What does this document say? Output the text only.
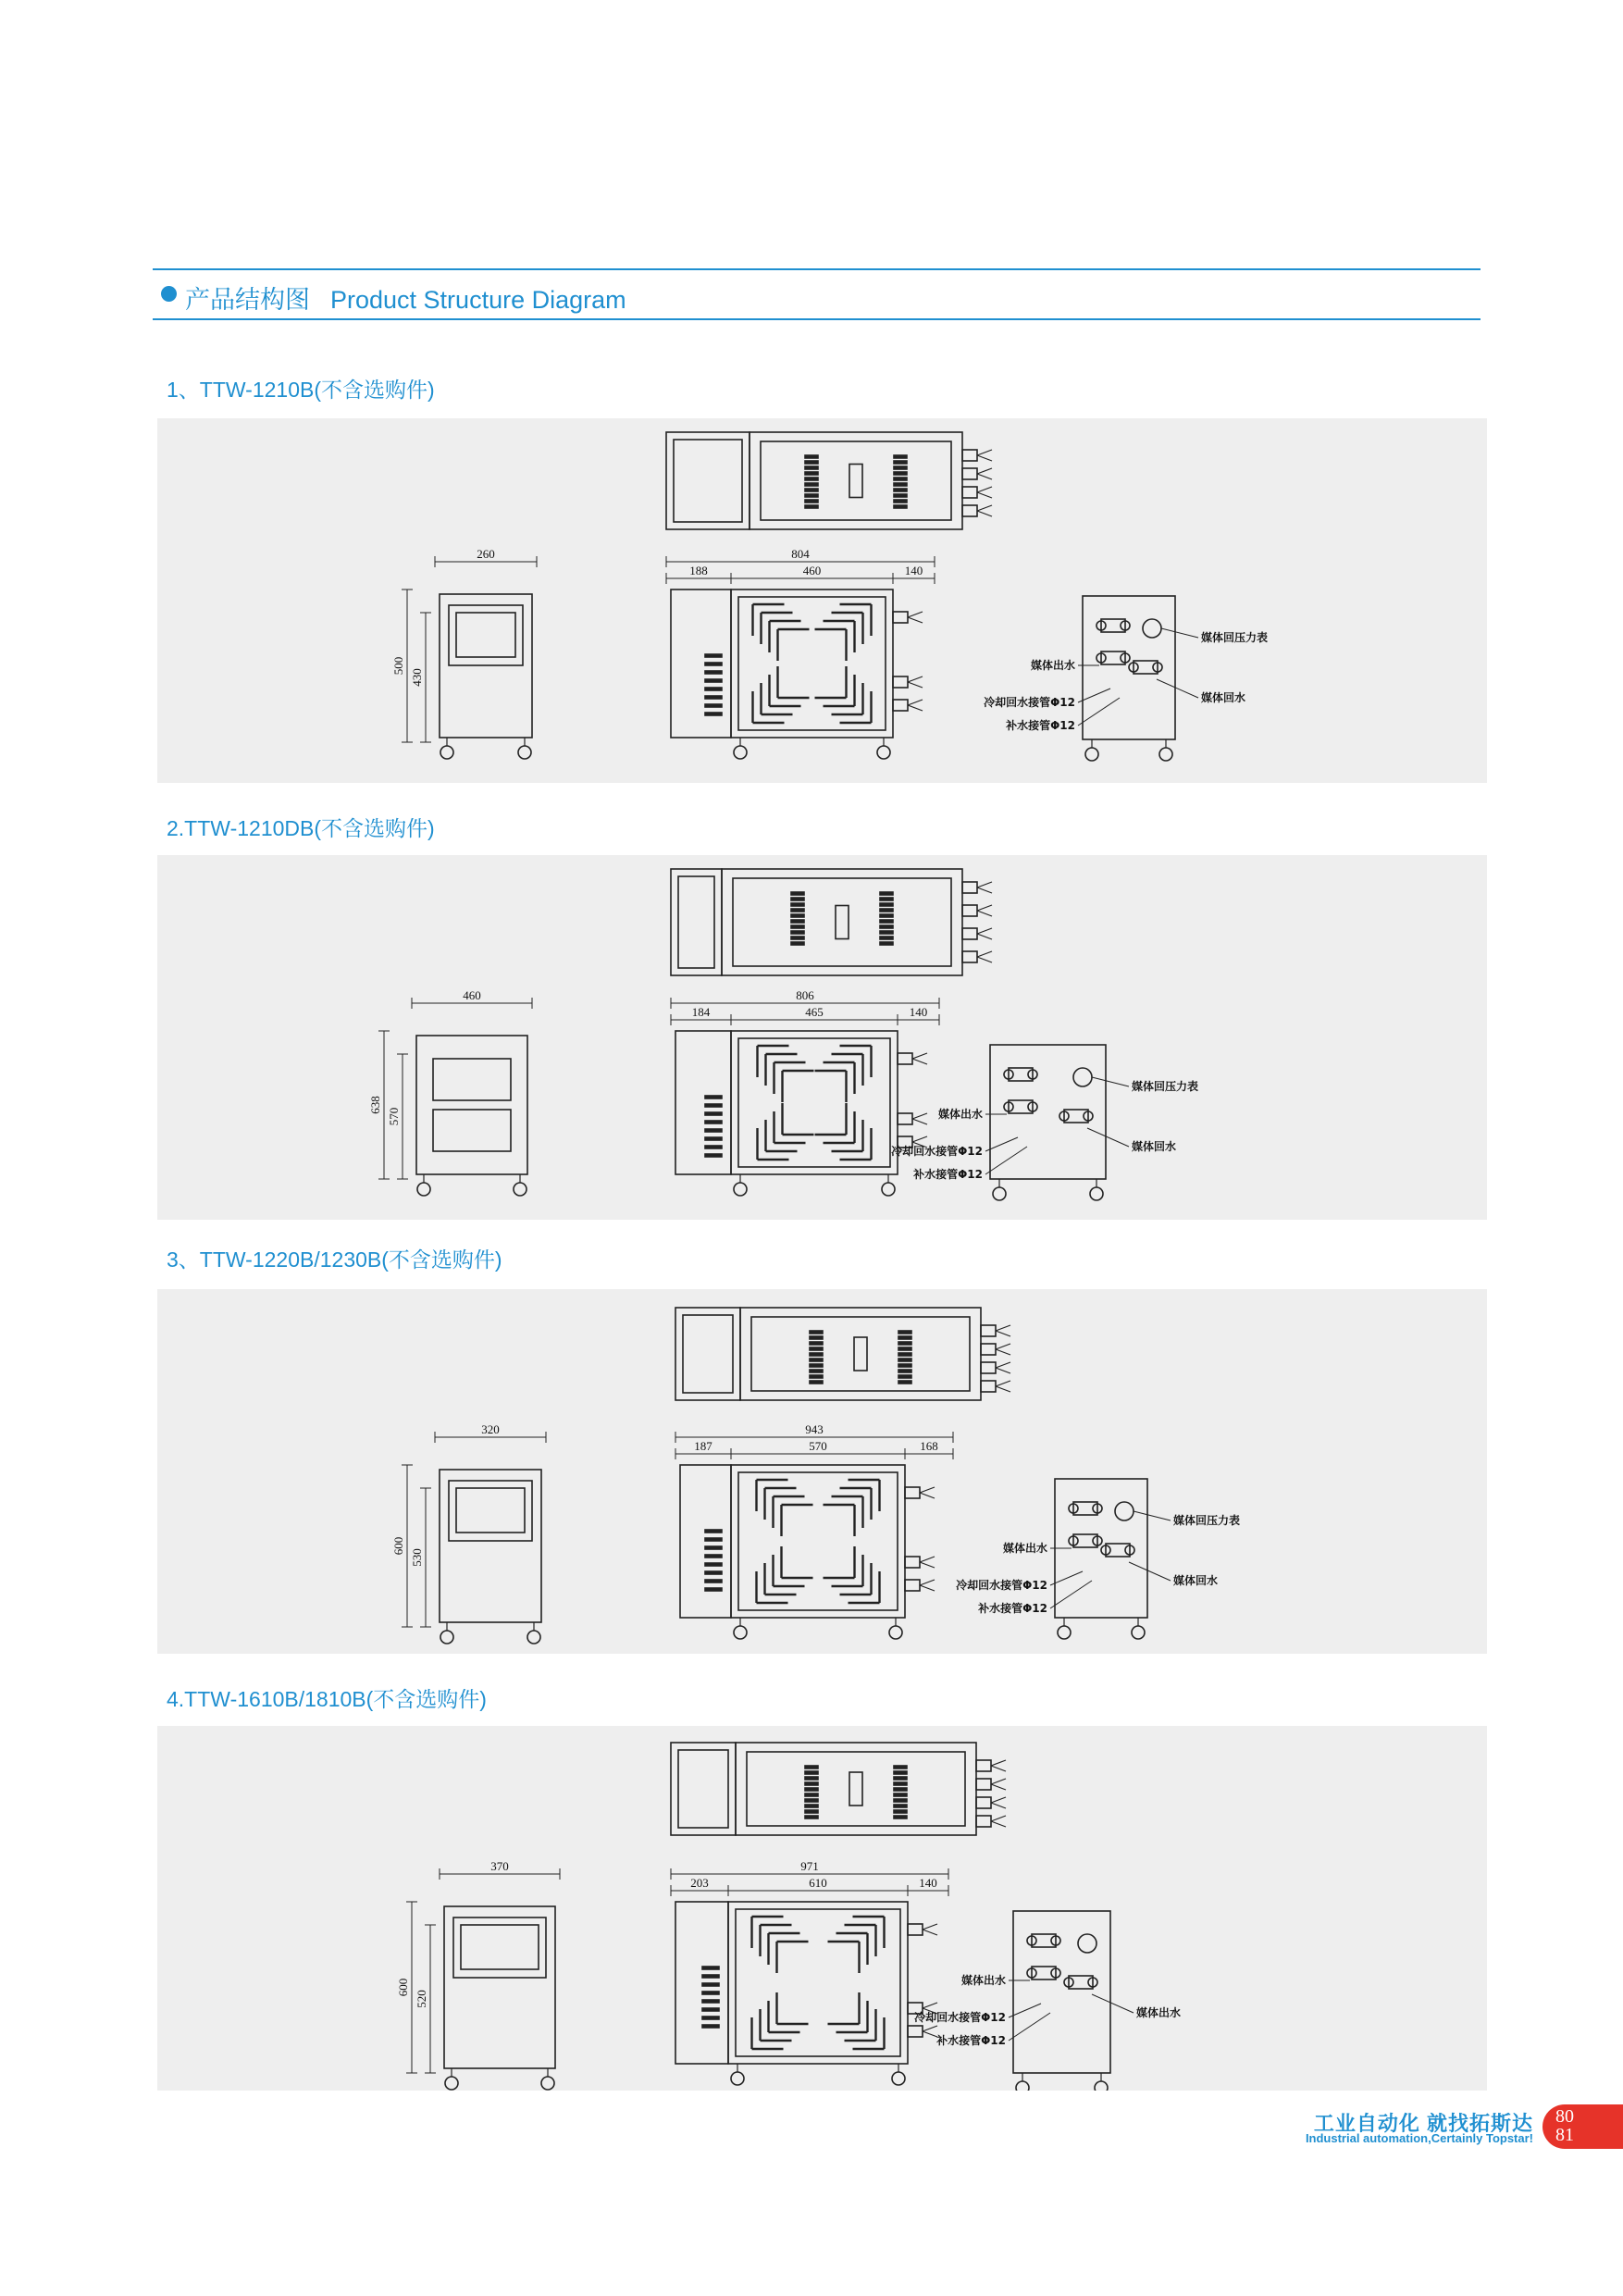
产品结构图 Product Structure Diagram
1、TTW-1210B(不含选购件)
260
500
430
804
188	460	140
媒体出水
媒体回压力表
媒体回水
冷却回水接管Φ12
补水接管Φ12
2.TTW-1210DB(不含选购件)
460
638
570
806
184	465	140
媒体出水
媒体回压力表
媒体回水
冷却回水接管Φ12
补水接管Φ12
3、TTW-1220B/1230B(不含选购件)
320
600
530
943
187	570	168
媒体出水
媒体回压力表
媒体回水
冷却回水接管Φ12
补水接管Φ12
4.TTW-1610B/1810B(不含选购件)
370
600
520
971
203	610	140
媒体出水
媒体出水
冷却回水接管Φ12
补水接管Φ12
工业自动化 就找拓斯达
Industrial automation,Certainly Topstar!
80
81
